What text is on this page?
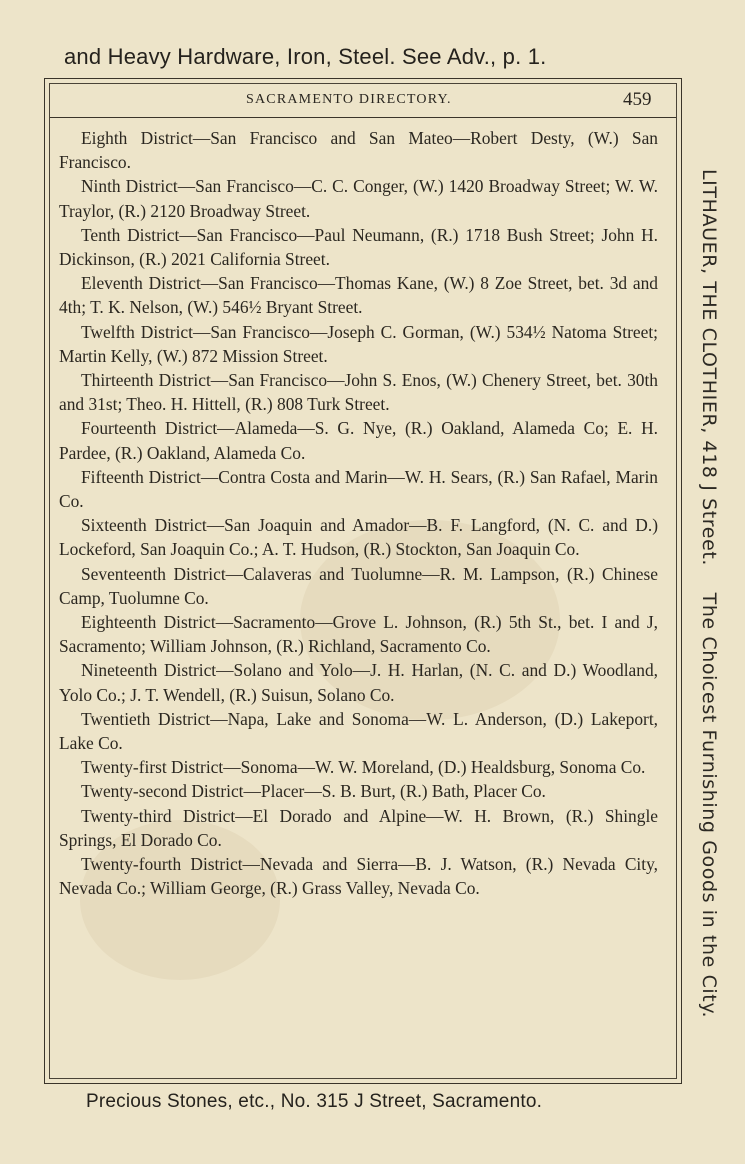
and Heavy Hardware, Iron, Steel. See Adv., p. 1.
SACRAMENTO DIRECTORY.	459

Eighth District—San Francisco and San Mateo—Robert Desty, (W.) San Francisco.

Ninth District—San Francisco—C. C. Conger, (W.) 1420 Broadway Street; W. W. Traylor, (R.) 2120 Broadway Street.

Tenth District—San Francisco—Paul Neumann, (R.) 1718 Bush Street; John H. Dickinson, (R.) 2021 California Street.

Eleventh District—San Francisco—Thomas Kane, (W.) 8 Zoe Street, bet. 3d and 4th; T. K. Nelson, (W.) 546½ Bryant Street.

Twelfth District—San Francisco—Joseph C. Gorman, (W.) 534½ Natoma Street; Martin Kelly, (W.) 872 Mission Street.

Thirteenth District—San Francisco—John S. Enos, (W.) Chenery Street, bet. 30th and 31st; Theo. H. Hittell, (R.) 808 Turk Street.

Fourteenth District—Alameda—S. G. Nye, (R.) Oakland, Alameda Co; E. H. Pardee, (R.) Oakland, Alameda Co.

Fifteenth District—Contra Costa and Marin—W. H. Sears, (R.) San Rafael, Marin Co.

Sixteenth District—San Joaquin and Amador—B. F. Langford, (N. C. and D.) Lockeford, San Joaquin Co.; A. T. Hudson, (R.) Stockton, San Joaquin Co.

Seventeenth District—Calaveras and Tuolumne—R. M. Lampson, (R.) Chinese Camp, Tuolumne Co.

Eighteenth District—Sacramento—Grove L. Johnson, (R.) 5th St., bet. I and J, Sacramento; William Johnson, (R.) Richland, Sacramento Co.

Nineteenth District—Solano and Yolo—J. H. Harlan, (N. C. and D.) Woodland, Yolo Co.; J. T. Wendell, (R.) Suisun, Solano Co.

Twentieth District—Napa, Lake and Sonoma—W. L. Anderson, (D.) Lakeport, Lake Co.

Twenty-first District—Sonoma—W. W. Moreland, (D.) Healdsburg, Sonoma Co.

Twenty-second District—Placer—S. B. Burt, (R.) Bath, Placer Co.

Twenty-third District—El Dorado and Alpine—W. H. Brown, (R.) Shingle Springs, El Dorado Co.

Twenty-fourth District—Nevada and Sierra—B. J. Watson, (R.) Nevada City, Nevada Co.; William George, (R.) Grass Valley, Nevada Co.

LITHAUER, THE CLOTHIER, 418 J Street.    The Choicest Furnishing Goods in the City.
Precious Stones, etc., No. 315 J Street, Sacramento.
